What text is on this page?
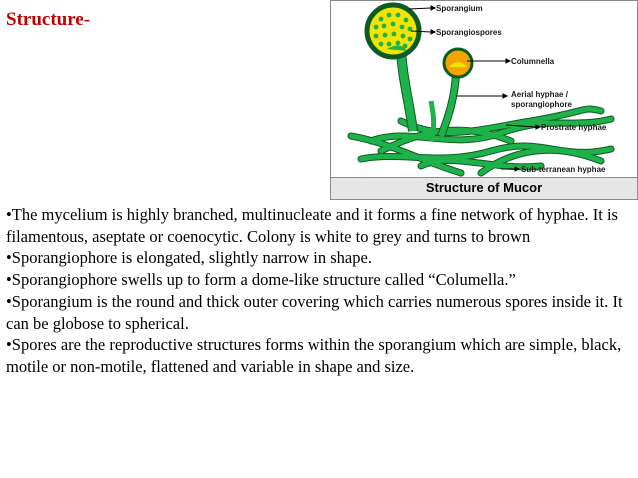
Structure-
Sporangium
Sporangiospores
Columnella
Aerial hyphae /
sporangiophore
Prostrate hyphae
Sub-terranean hyphae
Structure of Mucor

•The mycelium is highly branched, multinucleate and it forms a fine network of hyphae. It is filamentous, aseptate or coenocytic. Colony is white to grey and turns to brown

•Sporangiophore is elongated, slightly narrow in shape.

•Sporangiophore swells up to form a dome-like structure called “Columella.”

•Sporangium is the round and thick outer covering which carries numerous spores inside it. It can be globose to spherical.

•Spores are the reproductive structures forms within the sporangium which are simple, black, motile or non-motile, flattened and variable in shape and size.
